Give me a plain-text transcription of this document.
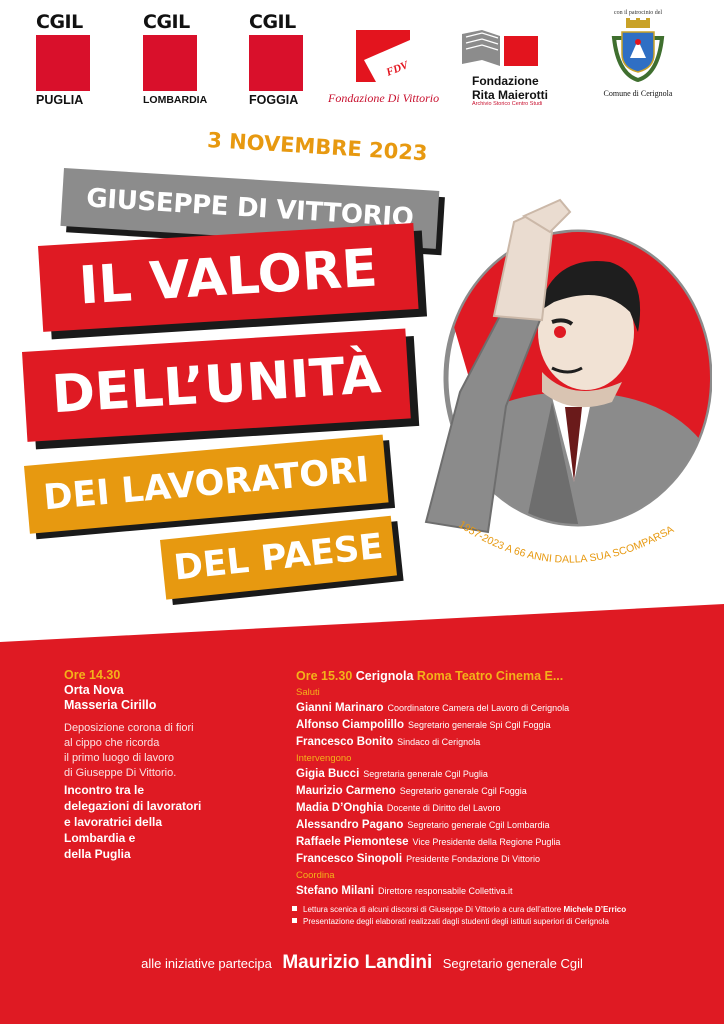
CGIL
PUGLIA
CGIL
LOMBARDIA
CGIL
FOGGIA
FDV
Fondazione Di Vittorio
Fondazione
Rita Maierotti
Archivio Storico Centro Studi
con il patrocinio del
Comune di Cerignola
3 NOVEMBRE 2023
GIUSEPPE DI VITTORIO
IL VALORE
DELL’UNITÀ
DEI LAVORATORI
DEL PAESE
1957-2023 A 66 ANNI DALLA SUA SCOMPARSA
Ore 14.30
Orta Nova
Masseria Cirillo
Deposizione corona di fiori
al cippo che ricorda
il primo luogo di lavoro
di Giuseppe Di Vittorio.
Incontro tra le
delegazioni di lavoratori
e lavoratrici della
Lombardia e
della Puglia
Ore 15.30 Cerignola Roma Teatro Cinema E...
Saluti
Gianni Marinaro Coordinatore Camera del Lavoro di Cerignola
Alfonso Ciampolillo Segretario generale Spi Cgil Foggia
Francesco Bonito Sindaco di Cerignola
Intervengono
Gigia Bucci Segretaria generale Cgil Puglia
Maurizio Carmeno Segretario generale Cgil Foggia
Madia D’Onghia Docente di Diritto del Lavoro
Alessandro Pagano Segretario generale Cgil Lombardia
Raffaele Piemontese Vice Presidente della Regione Puglia
Francesco Sinopoli Presidente Fondazione Di Vittorio
Coordina
Stefano Milani Direttore responsabile Collettiva.it
Lettura scenica di alcuni discorsi di Giuseppe Di Vittorio a cura dell’attore Michele D’Errico
Presentazione degli elaborati realizzati dagli studenti degli istituti superiori di Cerignola
alle iniziative partecipa Maurizio Landini Segretario generale Cgil
